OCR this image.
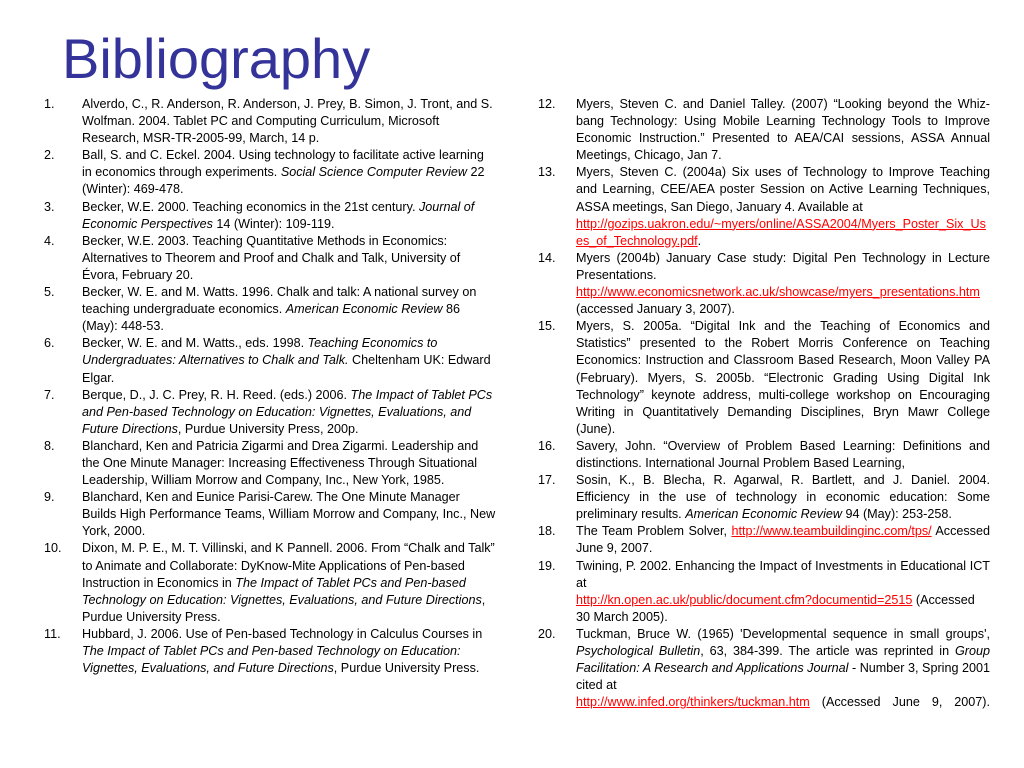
Bibliography
1.	Alverdo, C., R. Anderson, R. Anderson, J. Prey, B. Simon, J. Tront, and S. Wolfman. 2004. Tablet PC and Computing Curriculum, Microsoft Research, MSR-TR-2005-99, March, 14 p.
2.	Ball, S. and C. Eckel. 2004. Using technology to facilitate active learning in economics through experiments. Social Science Computer Review 22 (Winter): 469-478.
3.	Becker, W.E. 2000. Teaching economics in the 21st century. Journal of Economic Perspectives 14 (Winter): 109-119.
4.	Becker, W.E. 2003. Teaching Quantitative Methods in Economics: Alternatives to Theorem and Proof and Chalk and Talk, University of Évora, February 20.
5.	Becker, W. E. and M. Watts. 1996. Chalk and talk: A national survey on teaching undergraduate economics. American Economic Review 86 (May): 448-53.
6.	Becker, W. E. and M. Watts., eds. 1998. Teaching Economics to Undergraduates: Alternatives to Chalk and Talk. Cheltenham UK: Edward Elgar.
7.	Berque, D., J. C. Prey, R. H. Reed. (eds.) 2006. The Impact of Tablet PCs and Pen-based Technology on Education: Vignettes, Evaluations, and Future Directions, Purdue University Press, 200p.
8.	Blanchard, Ken and Patricia Zigarmi and Drea Zigarmi. Leadership and the One Minute Manager: Increasing Effectiveness Through Situational Leadership, William Morrow and Company, Inc., New York, 1985.
9.	Blanchard, Ken and Eunice Parisi-Carew. The One Minute Manager Builds High Performance Teams, William Morrow and Company, Inc., New York, 2000.
10.	Dixon, M. P. E., M. T. Villinski, and K Pannell. 2006. From “Chalk and Talk” to Animate and Collaborate: DyKnow-Mite Applications of Pen-based Instruction in Economics in The Impact of Tablet PCs and Pen-based Technology on Education: Vignettes, Evaluations, and Future Directions, Purdue University Press.
11.	Hubbard, J. 2006. Use of Pen-based Technology in Calculus Courses in The Impact of Tablet PCs and Pen-based Technology on Education: Vignettes, Evaluations, and Future Directions, Purdue University Press.
12.	Myers, Steven C. and Daniel Talley. (2007) “Looking beyond the Whiz-bang Technology: Using Mobile Learning Technology Tools to Improve Economic Instruction.” Presented to AEA/CAI sessions, ASSA Annual Meetings, Chicago, Jan 7.
13.	Myers, Steven C. (2004a) Six uses of Technology to Improve Teaching and Learning, CEE/AEA poster Session on Active Learning Techniques, ASSA meetings, San Diego, January 4. Available at
http://gozips.uakron.edu/~myers/online/ASSA2004/Myers_Poster_Six_Uses_of_Technology.pdf.
14.	Myers (2004b) January Case study: Digital Pen Technology in Lecture Presentations.
http://www.economicsnetwork.ac.uk/showcase/myers_presentations.htm (accessed January 3, 2007).
15.	Myers, S. 2005a. “Digital Ink and the Teaching of Economics and Statistics” presented to the Robert Morris Conference on Teaching Economics: Instruction and Classroom Based Research, Moon Valley PA (February). Myers, S. 2005b. “Electronic Grading Using Digital Ink Technology” keynote address, multi-college workshop on Encouraging Writing in Quantitatively Demanding Disciplines, Bryn Mawr College (June).
16.	Savery, John. “Overview of Problem Based Learning: Definitions and distinctions. International Journal Problem Based Learning,
17.	Sosin, K., B. Blecha, R. Agarwal, R. Bartlett, and J. Daniel. 2004. Efficiency in the use of technology in economic education: Some preliminary results. American Economic Review 94 (May): 253-258.
18.	The Team Problem Solver, http://www.teambuildinginc.com/tps/ Accessed June 9, 2007.
19.	Twining, P. 2002. Enhancing the Impact of Investments in Educational ICT at
http://kn.open.ac.uk/public/document.cfm?documentid=2515 (Accessed 30 March 2005).
20.	Tuckman, Bruce W. (1965) 'Developmental sequence in small groups', Psychological Bulletin, 63, 384-399. The article was reprinted in Group Facilitation: A Research and Applications Journal - Number 3, Spring 2001 cited at
http://www.infed.org/thinkers/tuckman.htm (Accessed June 9, 2007).
